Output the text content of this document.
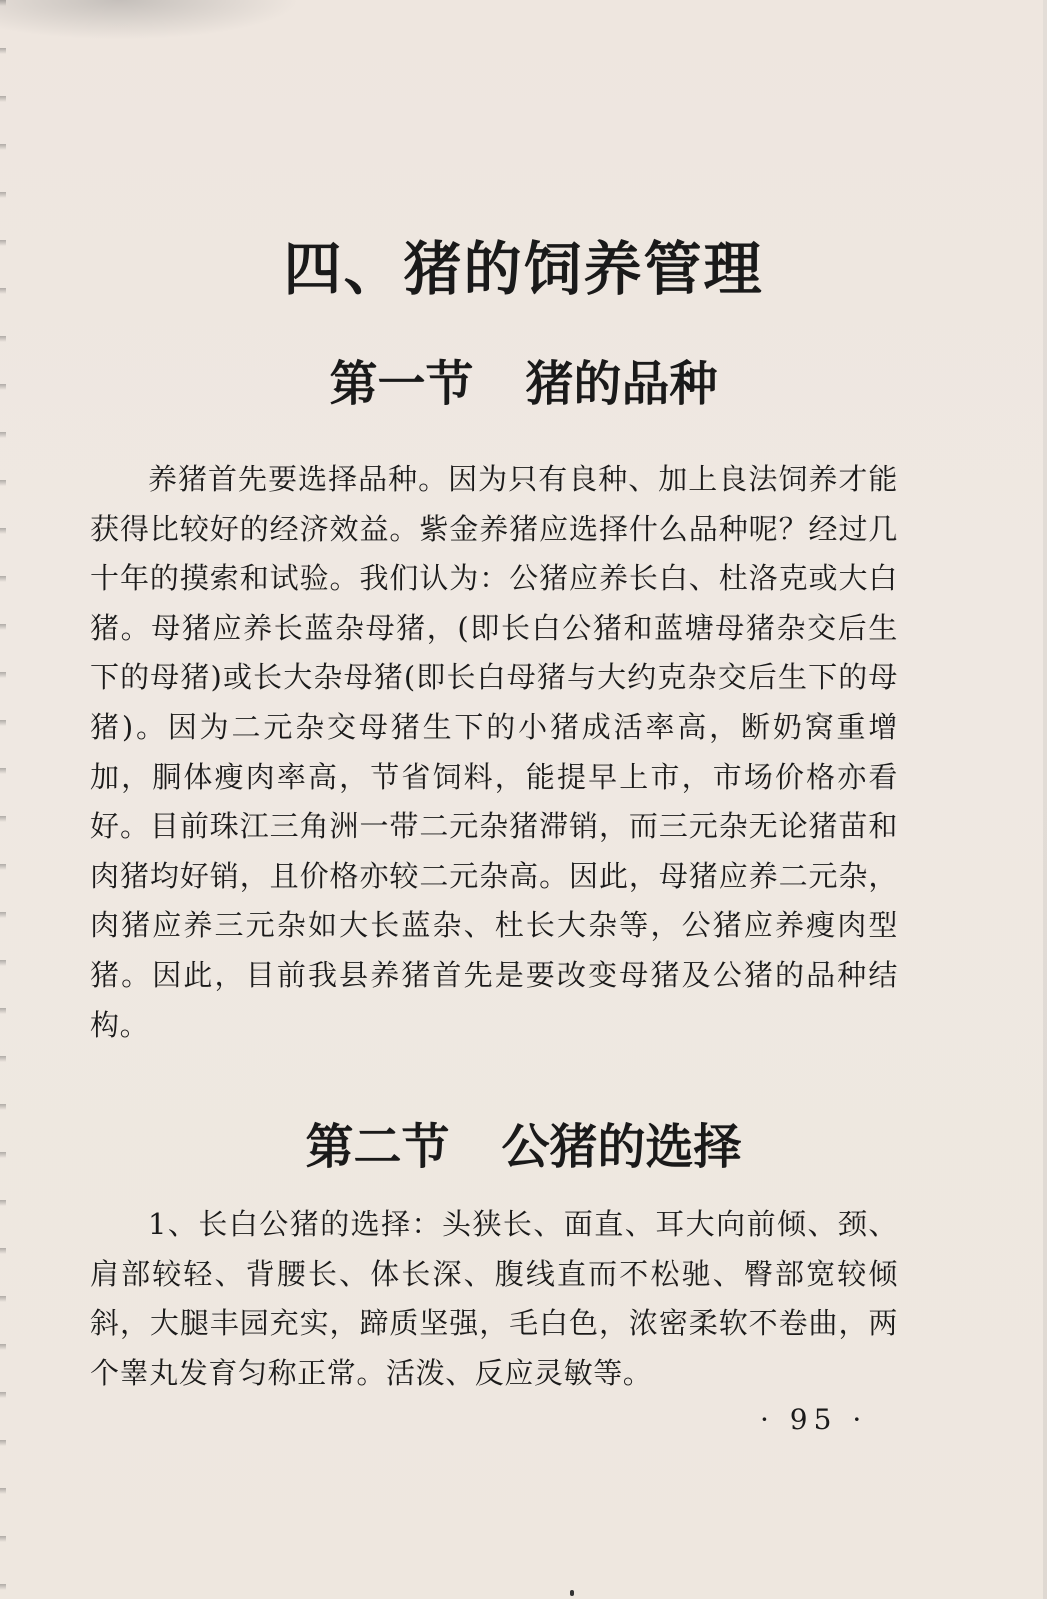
四、猪的饲养管理
第一节 猪的品种

养猪首先要选择品种。因为只有良种、加上良法饲养才能获得比较好的经济效益。紫金养猪应选择什么品种呢？经过几十年的摸索和试验。我们认为：公猪应养长白、杜洛克或大白猪。母猪应养长蓝杂母猪，(即长白公猪和蓝塘母猪杂交后生下的母猪)或长大杂母猪(即长白母猪与大约克杂交后生下的母猪)。因为二元杂交母猪生下的小猪成活率高，断奶窝重增加，胴体瘦肉率高，节省饲料，能提早上市，市场价格亦看好。目前珠江三角洲一带二元杂猪滞销，而三元杂无论猪苗和肉猪均好销，且价格亦较二元杂高。因此，母猪应养二元杂，肉猪应养三元杂如大长蓝杂、杜长大杂等，公猪应养瘦肉型猪。因此，目前我县养猪首先是要改变母猪及公猪的品种结构。

第二节 公猪的选择

1、长白公猪的选择：头狭长、面直、耳大向前倾、颈、肩部较轻、背腰长、体长深、腹线直而不松驰、臀部宽较倾斜，大腿丰园充实，蹄质坚强，毛白色，浓密柔软不卷曲，两个睾丸发育匀称正常。活泼、反应灵敏等。

· 95 ·
